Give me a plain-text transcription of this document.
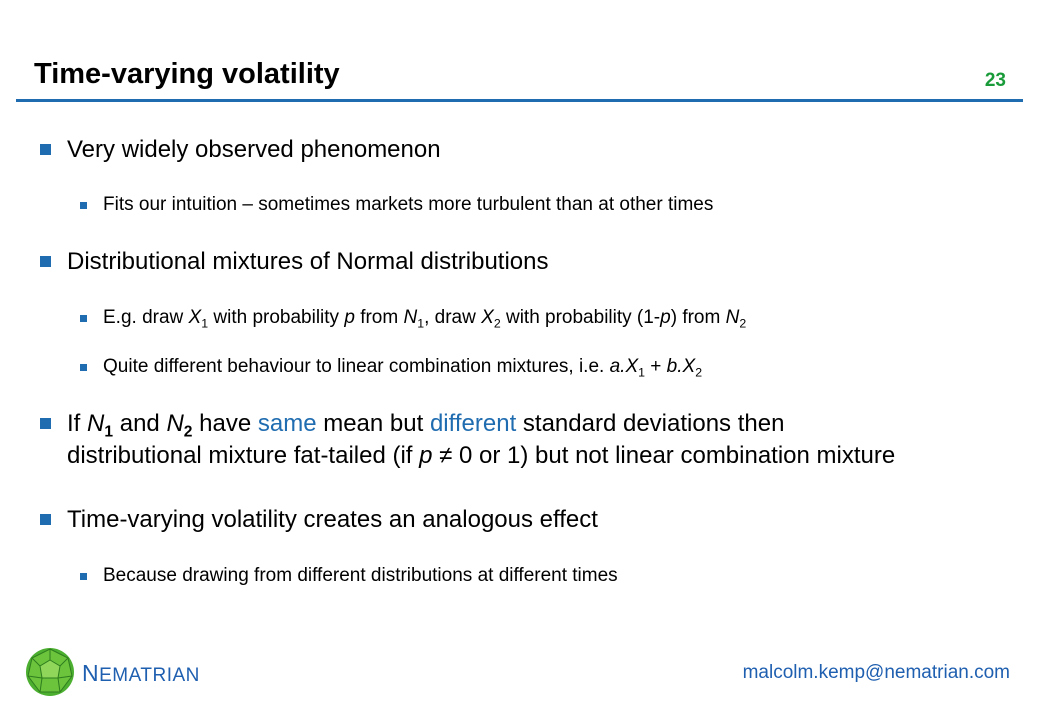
Time-varying volatility	23
Very widely observed phenomenon
Fits our intuition – sometimes markets more turbulent than at other times
Distributional mixtures of Normal distributions
E.g. draw $X_1$ with probability p from $N_1$, draw $X_2$ with probability (1-p) from $N_2$
Quite different behaviour to linear combination mixtures, i.e. $a.X_1 + b.X_2$
If $N_1$ and $N_2$ have same mean but different standard deviations then
distributional mixture fat-tailed (if p ≠ 0 or 1) but not linear combination mixture
Time-varying volatility creates an analogous effect
Because drawing from different distributions at different times
NEMATRIAN	malcolm.kemp@nematrian.com
